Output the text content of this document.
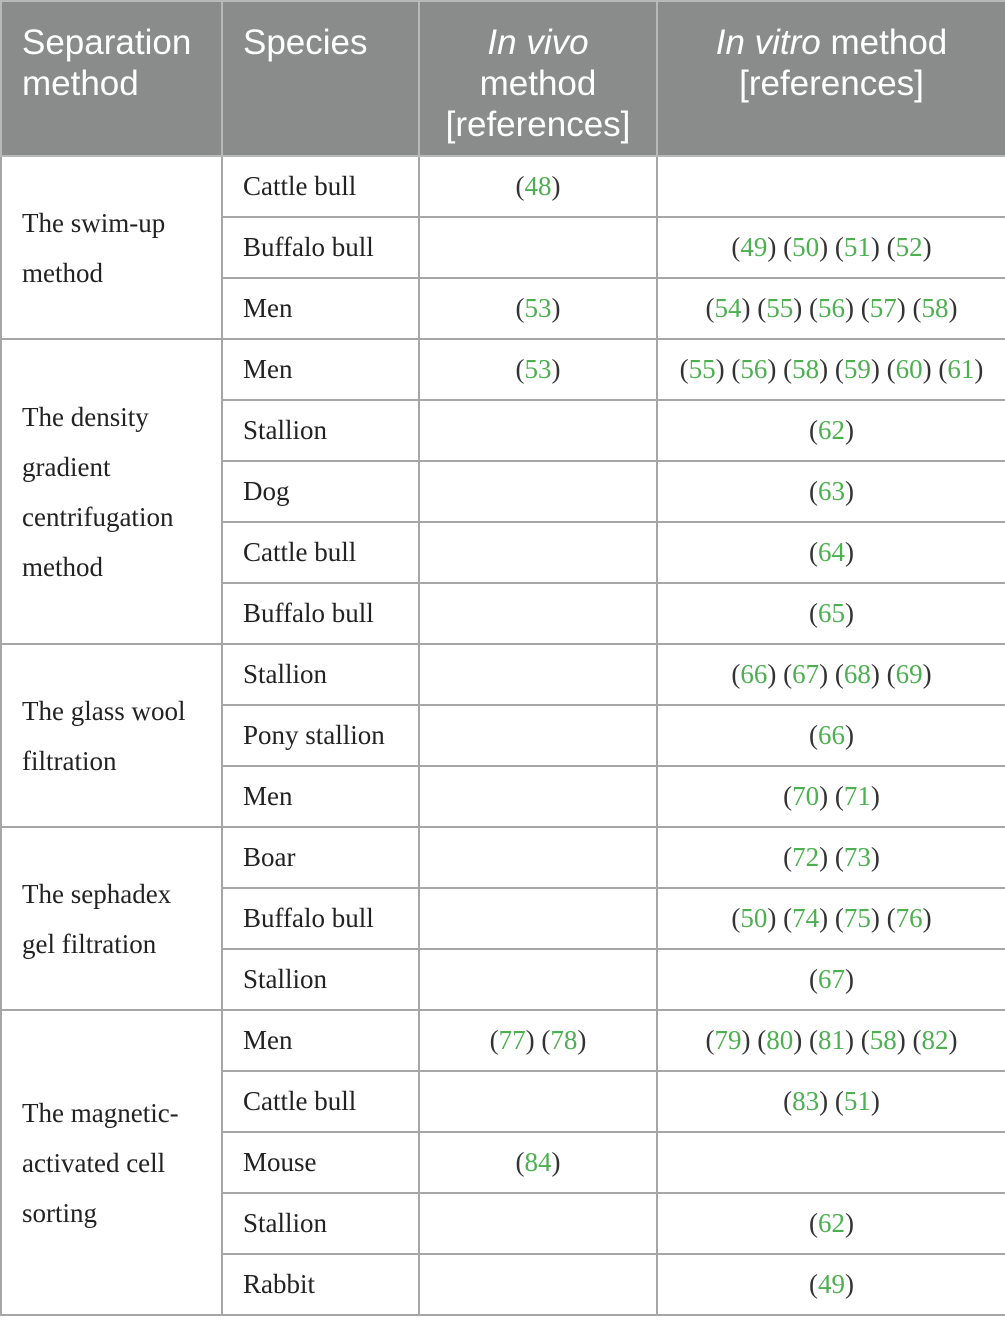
Separation method	Species	In vivo method [references]	In vitro method [references]
The swim-up method	Cattle bull	(48)	
	Buffalo bull		(49) (50) (51) (52)
	Men	(53)	(54) (55) (56) (57) (58)
The density gradient centrifugation method	Men	(53)	(55) (56) (58) (59) (60) (61)
	Stallion		(62)
	Dog		(63)
	Cattle bull		(64)
	Buffalo bull		(65)
The glass wool filtration	Stallion		(66) (67) (68) (69)
	Pony stallion		(66)
	Men		(70) (71)
The sephadex gel filtration	Boar		(72) (73)
	Buffalo bull		(50) (74) (75) (76)
	Stallion		(67)
The magnetic-activated cell sorting	Men	(77) (78)	(79) (80) (81) (58) (82)
	Cattle bull		(83) (51)
	Mouse	(84)	
	Stallion		(62)
	Rabbit		(49)
